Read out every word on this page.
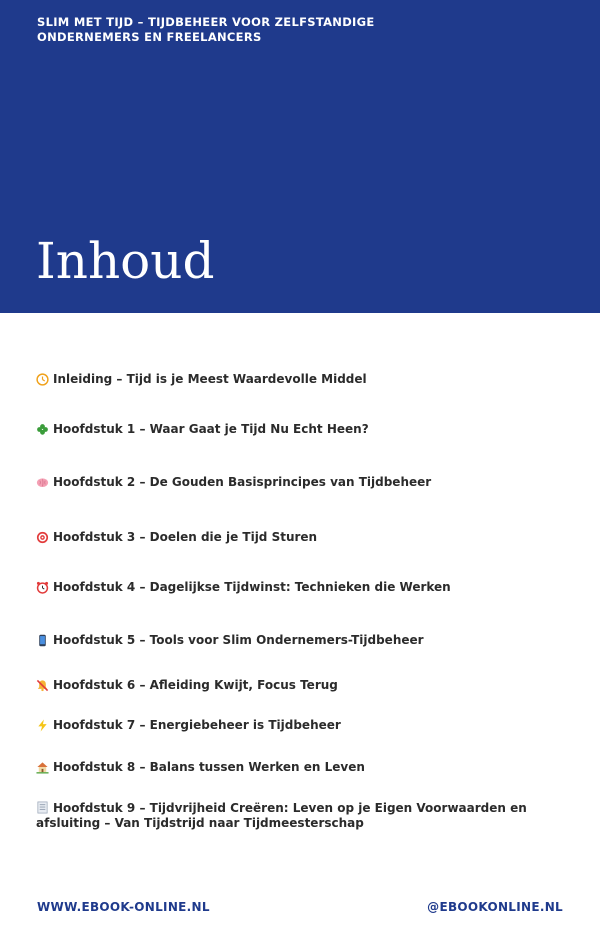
SLIM MET TIJD – TIJDBEHEER VOOR ZELFSTANDIGE ONDERNEMERS EN FREELANCERS
Inhoud
Inleiding – Tijd is je Meest Waardevolle Middel
Hoofdstuk 1 – Waar Gaat je Tijd Nu Echt Heen?
Hoofdstuk 2 – De Gouden Basisprincipes van Tijdbeheer
Hoofdstuk 3 – Doelen die je Tijd Sturen
Hoofdstuk 4 – Dagelijkse Tijdwinst: Technieken die Werken
Hoofdstuk 5 – Tools voor Slim Ondernemers-Tijdbeheer
Hoofdstuk 6 – Afleiding Kwijt, Focus Terug
Hoofdstuk 7 – Energiebeheer is Tijdbeheer
Hoofdstuk 8 – Balans tussen Werken en Leven
Hoofdstuk 9 – Tijdvrijheid Creëren: Leven op je Eigen Voorwaarden en afsluiting – Van Tijdstrijd naar Tijdmeesterschap
WWW.EBOOK-ONLINE.NL	@EBOOKONLINE.NL
